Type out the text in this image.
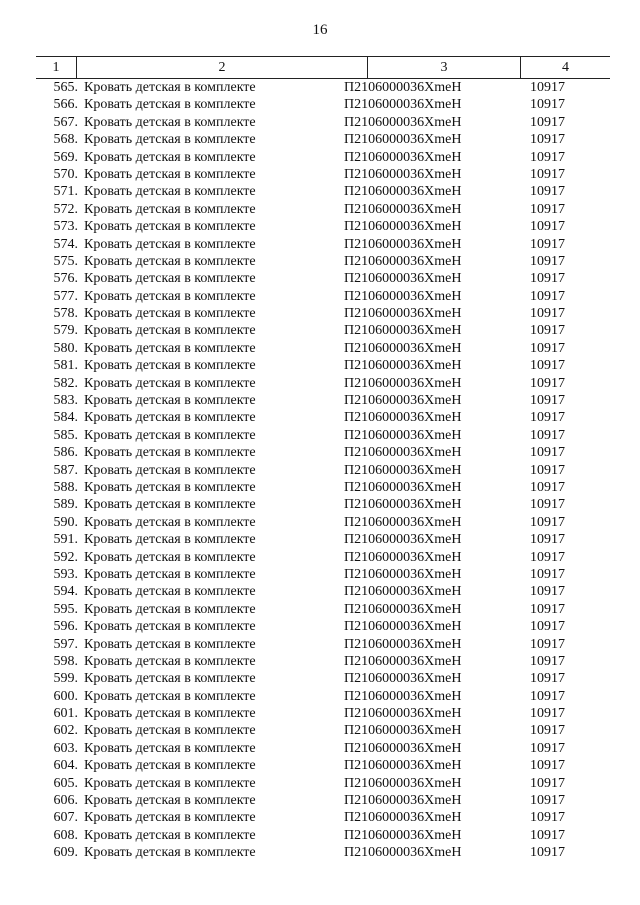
16
1	2	3	4
565. Кровать детская в комплекте	П2106000036ХmeH	10917
566. Кровать детская в комплекте	П2106000036ХmeH	10917
567. Кровать детская в комплекте	П2106000036ХmeH	10917
568. Кровать детская в комплекте	П2106000036ХmeH	10917
569. Кровать детская в комплекте	П2106000036ХmeH	10917
570. Кровать детская в комплекте	П2106000036ХmeH	10917
571. Кровать детская в комплекте	П2106000036ХmeH	10917
572. Кровать детская в комплекте	П2106000036ХmeH	10917
573. Кровать детская в комплекте	П2106000036ХmeH	10917
574. Кровать детская в комплекте	П2106000036ХmeH	10917
575. Кровать детская в комплекте	П2106000036ХmeH	10917
576. Кровать детская в комплекте	П2106000036ХmeH	10917
577. Кровать детская в комплекте	П2106000036ХmeH	10917
578. Кровать детская в комплекте	П2106000036ХmeH	10917
579. Кровать детская в комплекте	П2106000036ХmeH	10917
580. Кровать детская в комплекте	П2106000036ХmeH	10917
581. Кровать детская в комплекте	П2106000036ХmeH	10917
582. Кровать детская в комплекте	П2106000036ХmeH	10917
583. Кровать детская в комплекте	П2106000036ХmeH	10917
584. Кровать детская в комплекте	П2106000036ХmeH	10917
585. Кровать детская в комплекте	П2106000036ХmeH	10917
586. Кровать детская в комплекте	П2106000036ХmeH	10917
587. Кровать детская в комплекте	П2106000036ХmeH	10917
588. Кровать детская в комплекте	П2106000036ХmeH	10917
589. Кровать детская в комплекте	П2106000036ХmeH	10917
590. Кровать детская в комплекте	П2106000036ХmeH	10917
591. Кровать детская в комплекте	П2106000036ХmeH	10917
592. Кровать детская в комплекте	П2106000036ХmeH	10917
593. Кровать детская в комплекте	П2106000036ХmeH	10917
594. Кровать детская в комплекте	П2106000036ХmeH	10917
595. Кровать детская в комплекте	П2106000036ХmeH	10917
596. Кровать детская в комплекте	П2106000036ХmeH	10917
597. Кровать детская в комплекте	П2106000036ХmeH	10917
598. Кровать детская в комплекте	П2106000036ХmeH	10917
599. Кровать детская в комплекте	П2106000036ХmeH	10917
600. Кровать детская в комплекте	П2106000036ХmeH	10917
601. Кровать детская в комплекте	П2106000036ХmeH	10917
602. Кровать детская в комплекте	П2106000036ХmeH	10917
603. Кровать детская в комплекте	П2106000036ХmeH	10917
604. Кровать детская в комплекте	П2106000036ХmeH	10917
605. Кровать детская в комплекте	П2106000036ХmeH	10917
606. Кровать детская в комплекте	П2106000036ХmeH	10917
607. Кровать детская в комплекте	П2106000036ХmeH	10917
608. Кровать детская в комплекте	П2106000036ХmeH	10917
609. Кровать детская в комплекте	П2106000036ХmeH	10917
